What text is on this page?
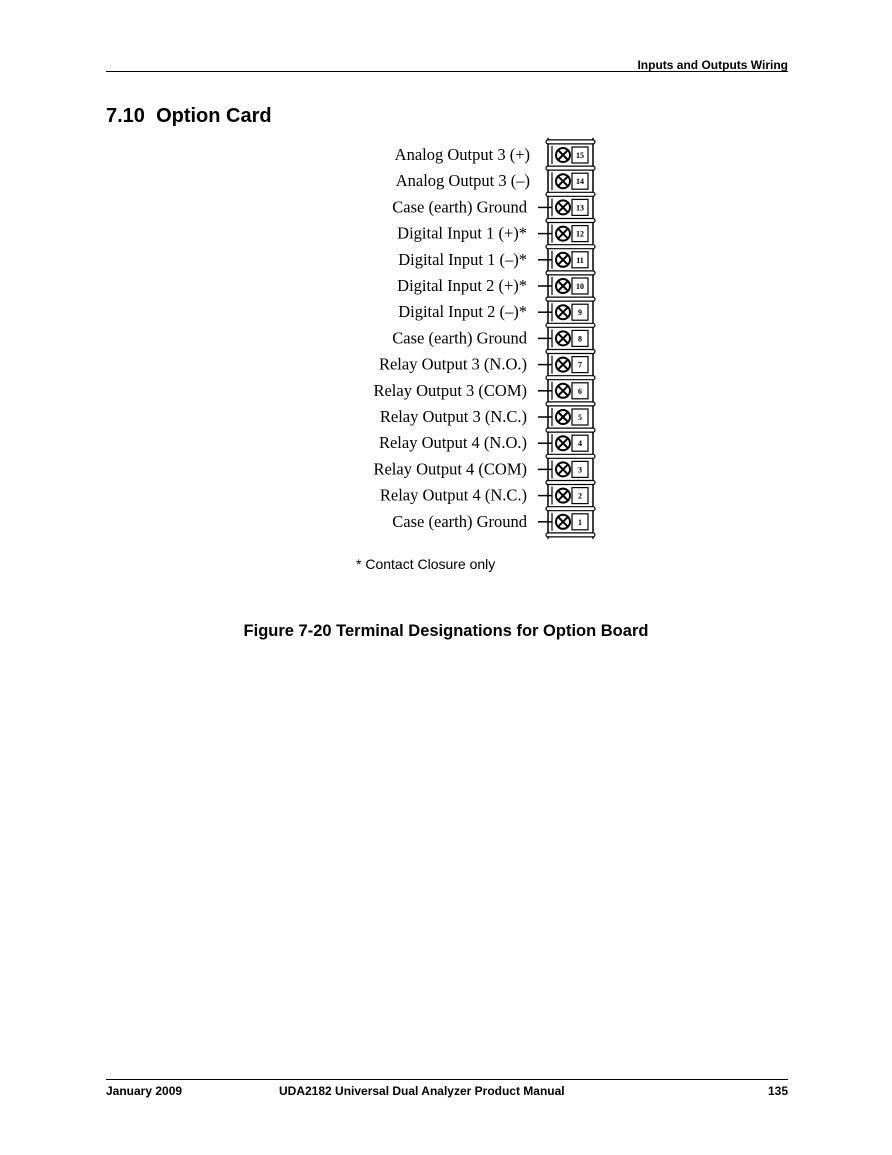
Inputs and Outputs Wiring
7.10 Option Card
15
Analog Output 3 (+)
14
Analog Output 3 (–)
13
Case (earth) Ground
12
Digital Input 1 (+)*
11
Digital Input 1 (–)*
10
Digital Input 2 (+)*
9
Digital Input 2 (–)*
8
Case (earth) Ground
7
Relay Output 3 (N.O.)
6
Relay Output 3 (COM)
5
Relay Output 3 (N.C.)
4
Relay Output 4 (N.O.)
3
Relay Output 4 (COM)
2
Relay Output 4 (N.C.)
1
Case (earth) Ground
* Contact Closure only
Figure 7-20 Terminal Designations for Option Board
January 2009	UDA2182 Universal Dual Analyzer Product Manual	135
